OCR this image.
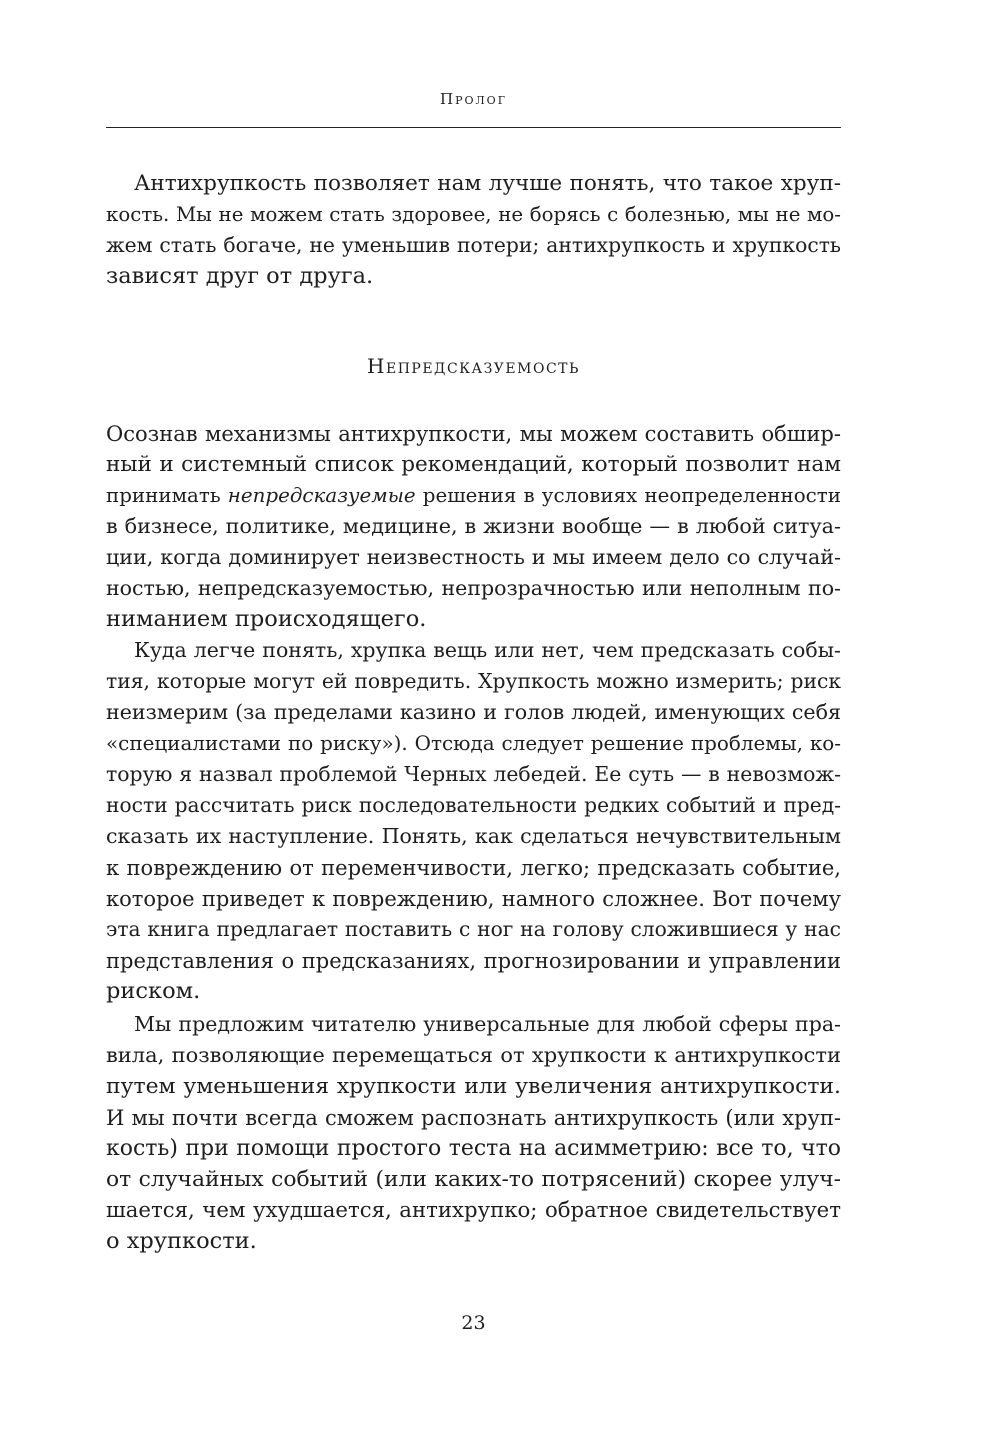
Пролог
Антихрупкость позволяет нам лучше понять, что такое хруп-
кость. Мы не можем стать здоровее, не борясь с болезнью, мы не мо-
жем стать богаче, не уменьшив потери; антихрупкость и хрупкость
зависят друг от друга.
Непредсказуемость
Осознав механизмы антихрупкости, мы можем составить обшир-
ный и системный список рекомендаций, который позволит нам
принимать непредсказуемые решения в условиях неопределенности
в бизнесе, политике, медицине, в жизни вообще — в любой ситуа-
ции, когда доминирует неизвестность и мы имеем дело со случай-
ностью, непредсказуемостью, непрозрачностью или неполным по-
ниманием происходящего.
Куда легче понять, хрупка вещь или нет, чем предсказать собы-
тия, которые могут ей повредить. Хрупкость можно измерить; риск
неизмерим (за пределами казино и голов людей, именующих себя
«специалистами по риску»). Отсюда следует решение проблемы, ко-
торую я назвал проблемой Черных лебедей. Ее суть — в невозмож-
ности рассчитать риск последовательности редких событий и пред-
сказать их наступление. Понять, как сделаться нечувствительным
к повреждению от переменчивости, легко; предсказать событие,
которое приведет к повреждению, намного сложнее. Вот почему
эта книга предлагает поставить с ног на голову сложившиеся у нас
представления о предсказаниях, прогнозировании и управлении
риском.
Мы предложим читателю универсальные для любой сферы пра-
вила, позволяющие перемещаться от хрупкости к антихрупкости
путем уменьшения хрупкости или увеличения антихрупкости.
И мы почти всегда сможем распознать антихрупкость (или хруп-
кость) при помощи простого теста на асимметрию: все то, что
от случайных событий (или каких-то потрясений) скорее улуч-
шается, чем ухудшается, антихрупко; обратное свидетельствует
о хрупкости.
23
